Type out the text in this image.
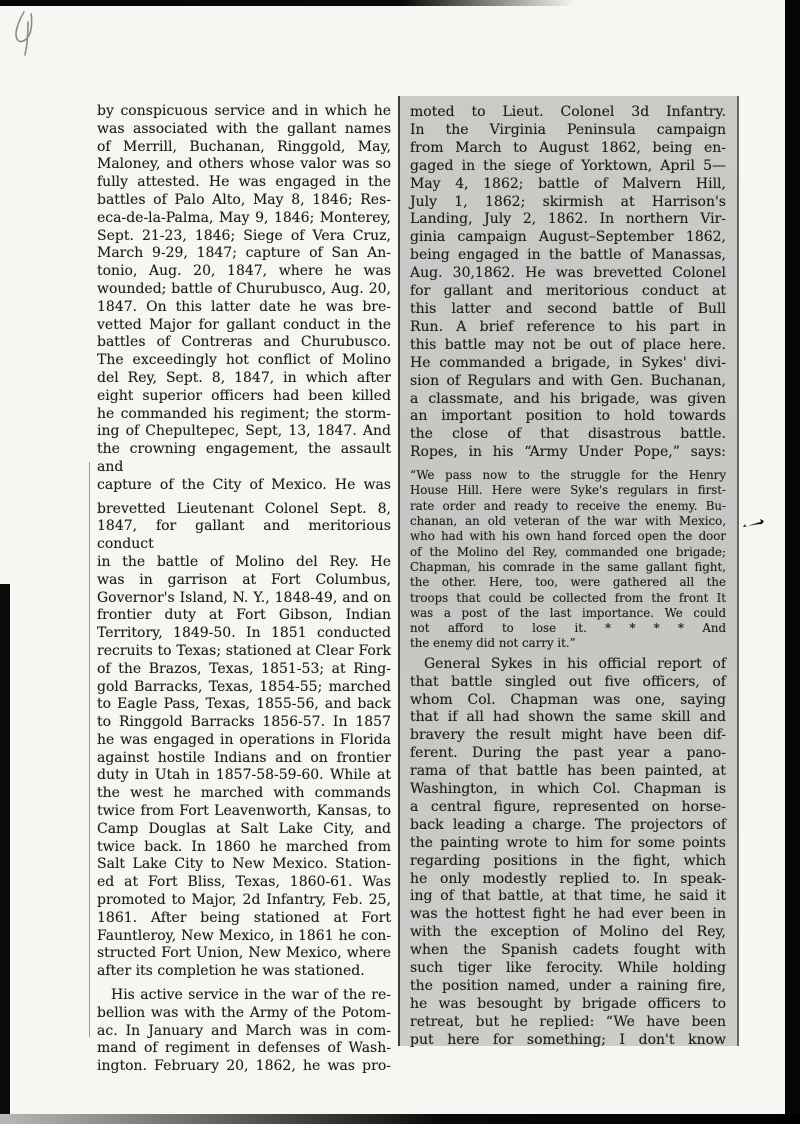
by conspicuous service and in which he
was associated with the gallant names
of Merrill, Buchanan, Ringgold, May,
Maloney, and others whose valor was so
fully attested. He was engaged in the
battles of Palo Alto, May 8, 1846; Res-
eca-de-la-Palma, May 9, 1846; Monterey,
Sept. 21-23, 1846; Siege of Vera Cruz,
March 9-29, 1847; capture of San An-
tonio, Aug. 20, 1847, where he was
wounded; battle of Churubusco, Aug. 20,
1847. On this latter date he was bre-
vetted Major for gallant conduct in the
battles of Contreras and Churubusco.
The exceedingly hot conflict of Molino
del Rey, Sept. 8, 1847, in which after
eight superior officers had been killed
he commanded his regiment; the storm-
ing of Chepultepec, Sept, 13, 1847. And
the crowning engagement, the assault and
capture of the City of Mexico. He was
brevetted Lieutenant Colonel Sept. 8,
1847, for gallant and meritorious conduct
in the battle of Molino del Rey. He
was in garrison at Fort Columbus,
Governor's Island, N. Y., 1848-49, and on
frontier duty at Fort Gibson, Indian
Territory, 1849-50. In 1851 conducted
recruits to Texas; stationed at Clear Fork
of the Brazos, Texas, 1851-53; at Ring-
gold Barracks, Texas, 1854-55; marched
to Eagle Pass, Texas, 1855-56, and back
to Ringgold Barracks 1856-57. In 1857
he was engaged in operations in Florida
against hostile Indians and on frontier
duty in Utah in 1857-58-59-60. While at
the west he marched with commands
twice from Fort Leavenworth, Kansas, to
Camp Douglas at Salt Lake City, and
twice back. In 1860 he marched from
Salt Lake City to New Mexico. Station-
ed at Fort Bliss, Texas, 1860-61. Was
promoted to Major, 2d Infantry, Feb. 25,
1861. After being stationed at Fort
Fauntleroy, New Mexico, in 1861 he con-
structed Fort Union, New Mexico, where
after its completion he was stationed.
His active service in the war of the re-
bellion was with the Army of the Potom-
ac. In January and March was in com-
mand of regiment in defenses of Wash-
ington. February 20, 1862, he was pro-
moted to Lieut. Colonel 3d Infantry.
In the Virginia Peninsula campaign
from March to August 1862, being en-
gaged in the siege of Yorktown, April 5—
May 4, 1862; battle of Malvern Hill,
July 1, 1862; skirmish at Harrison's
Landing, July 2, 1862. In northern Vir-
ginia campaign August–September 1862,
being engaged in the battle of Manassas,
Aug. 30,1862. He was brevetted Colonel
for gallant and meritorious conduct at
this latter and second battle of Bull
Run. A brief reference to his part in
this battle may not be out of place here.
He commanded a brigade, in Sykes' divi-
sion of Regulars and with Gen. Buchanan,
a classmate, and his brigade, was given
an important position to hold towards
the close of that disastrous battle.
Ropes, in his “Army Under Pope,” says:
“We pass now to the struggle for the Henry
House Hill. Here were Syke's regulars in first-
rate order and ready to receive the enemy. Bu-
chanan, an old veteran of the war with Mexico,
who had with his own hand forced open the door
of the Molino del Rey, commanded one brigade;
Chapman, his comrade in the same gallant fight,
the other. Here, too, were gathered all the
troops that could be collected from the front It
was a post of the last importance. We could
not afford to lose it. * * * * And
the enemy did not carry it.”
General Sykes in his official report of
that battle singled out five officers, of
whom Col. Chapman was one, saying
that if all had shown the same skill and
bravery the result might have been dif-
ferent. During the past year a pano-
rama of that battle has been painted, at
Washington, in which Col. Chapman is
a central figure, represented on horse-
back leading a charge. The projectors of
the painting wrote to him for some points
regarding positions in the fight, which
he only modestly replied to. In speak-
ing of that battle, at that time, he said it
was the hottest fight he had ever been in
with the exception of Molino del Rey,
when the Spanish cadets fought with
such tiger like ferocity. While holding
the position named, under a raining fire,
he was besought by brigade officers to
retreat, but he replied: “We have been
put here for something; I don't know
